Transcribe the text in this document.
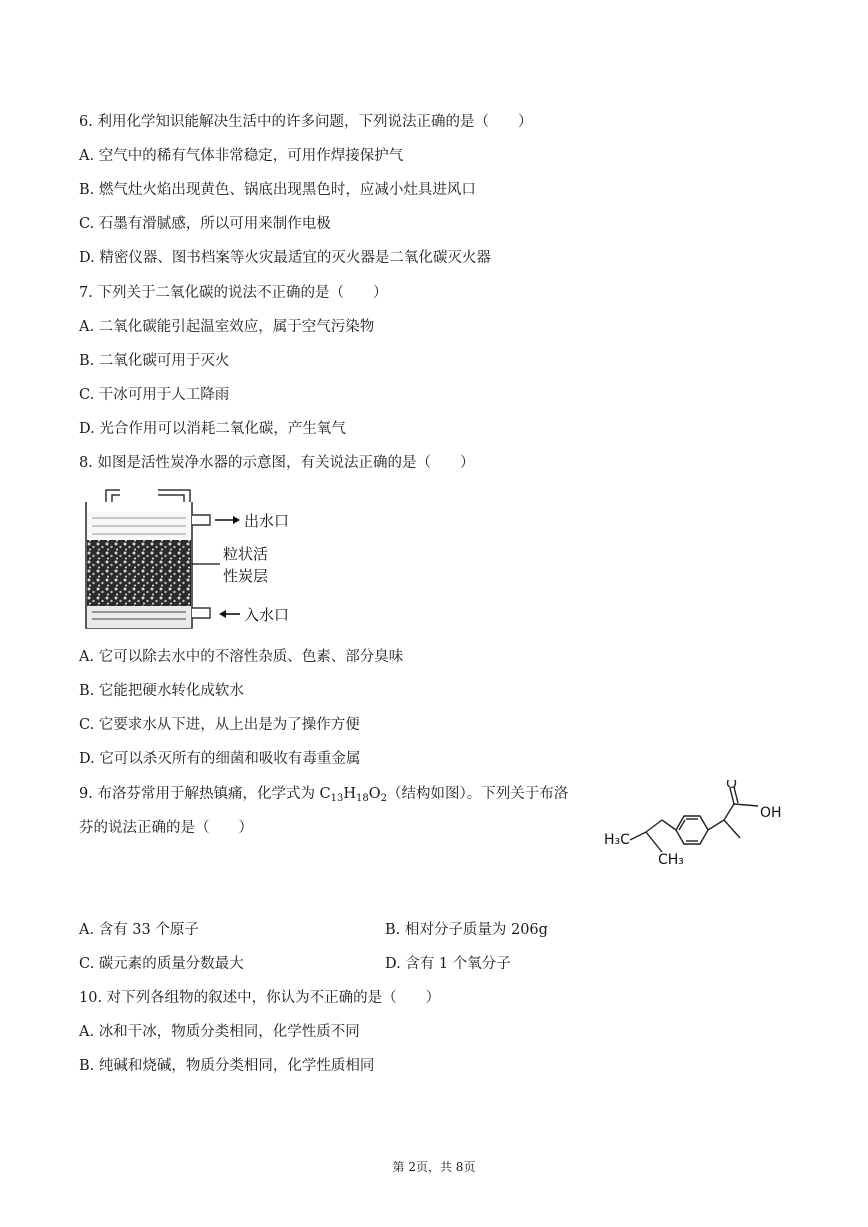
6. 利用化学知识能解决生活中的许多问题，下列说法正确的是（　　）
A. 空气中的稀有气体非常稳定，可用作焊接保护气
B. 燃气灶火焰出现黄色、锅底出现黑色时，应减小灶具进风口
C. 石墨有滑腻感，所以可用来制作电极
D. 精密仪器、图书档案等火灾最适宜的灭火器是二氧化碳灭火器
7. 下列关于二氧化碳的说法不正确的是（　　）
A. 二氧化碳能引起温室效应，属于空气污染物
B. 二氧化碳可用于灭火
C. 干冰可用于人工降雨
D. 光合作用可以消耗二氧化碳，产生氧气
8. 如图是活性炭净水器的示意图，有关说法正确的是（　　）
出水口
粒状活
性炭层
入水口
A. 它可以除去水中的不溶性杂质、色素、部分臭味
B. 它能把硬水转化成软水
C. 它要求水从下进，从上出是为了操作方便
D. 它可以杀灭所有的细菌和吸收有毒重金属
9. 布洛芬常用于解热镇痛，化学式为 $C_{13}H_{18}O_2$（结构如图）。下列关于布洛
芬的说法正确的是（　　）
O
OH
H₃C
CH₃
A. 含有 33 个原子	B. 相对分子质量为 206g
C. 碳元素的质量分数最大	D. 含有 1 个氧分子
10. 对下列各组物的叙述中，你认为不正确的是（　　）
A. 冰和干冰，物质分类相同，化学性质不同
B. 纯碱和烧碱，物质分类相同，化学性质相同
第 2页，共 8页
